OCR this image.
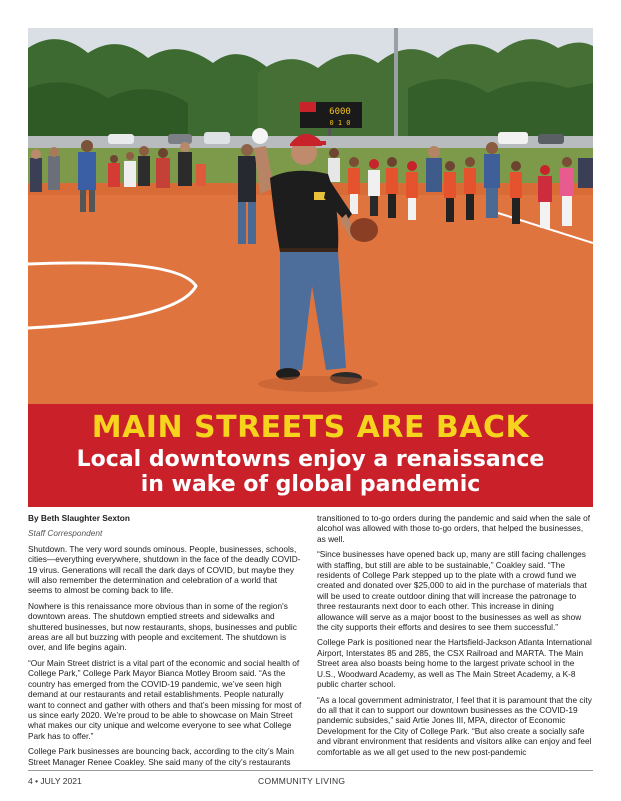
6000
0 1 0
MAIN STREETS ARE BACK
Local downtowns enjoy a renaissance
in wake of global pandemic

By Beth Slaughter Sexton

Staff Correspondent

Shutdown. The very word sounds ominous. People, businesses, schools, cities—everything everywhere, shutdown in the face of the deadly COVID-19 virus. Generations will recall the dark days of COVID, but maybe they will also remember the determination and celebration of a world that seems to almost be coming back to life.

Nowhere is this renaissance more obvious than in some of the region's downtown areas. The shutdown emptied streets and sidewalks and shuttered businesses, but now restaurants, shops, businesses and public areas are all but buzzing with people and excitement. The shutdown is over, and life begins again.

“Our Main Street district is a vital part of the economic and social health of College Park,” College Park Mayor Bianca Motley Broom said. “As the country has emerged from the COVID-19 pandemic, we’ve seen high demand at our restaurants and retail establishments. People naturally want to connect and gather with others and that’s been missing for most of us since early 2020. We’re proud to be able to showcase on Main Street what makes our city unique and welcome everyone to see what College Park has to offer.”

College Park businesses are bouncing back, according to the city’s Main Street Manager Renee Coakley. She said many of the city’s restaurants

transitioned to to-go orders during the pandemic and said when the sale of alcohol was allowed with those to-go orders, that helped the businesses, as well.

“Since businesses have opened back up, many are still facing challenges with staffing, but still are able to be sustainable,” Coakley said. “The residents of College Park stepped up to the plate with a crowd fund we created and donated over $25,000 to aid in the purchase of materials that will be used to create outdoor dining that will increase the patronage to three restaurants next door to each other. This increase in dining allowance will serve as a major boost to the businesses as well as show the city supports their efforts and desires to see them successful.”

College Park is positioned near the Hartsfield-Jackson Atlanta International Airport, Interstates 85 and 285, the CSX Railroad and MARTA. The Main Street area also boasts being home to the largest private school in the U.S., Woodward Academy, as well as The Main Street Academy, a K-8 public charter school.

“As a local government administrator, I feel that it is paramount that the city do all that it can to support our downtown businesses as the COVID-19 pandemic subsides,” said Artie Jones III, MPA, director of Economic Development for the City of College Park. “But also create a socially safe and vibrant environment that residents and visitors alike can enjoy and feel comfortable as we all get used to the new post-pandemic

4 • JULY 2021	COMMUNITY LIVING
